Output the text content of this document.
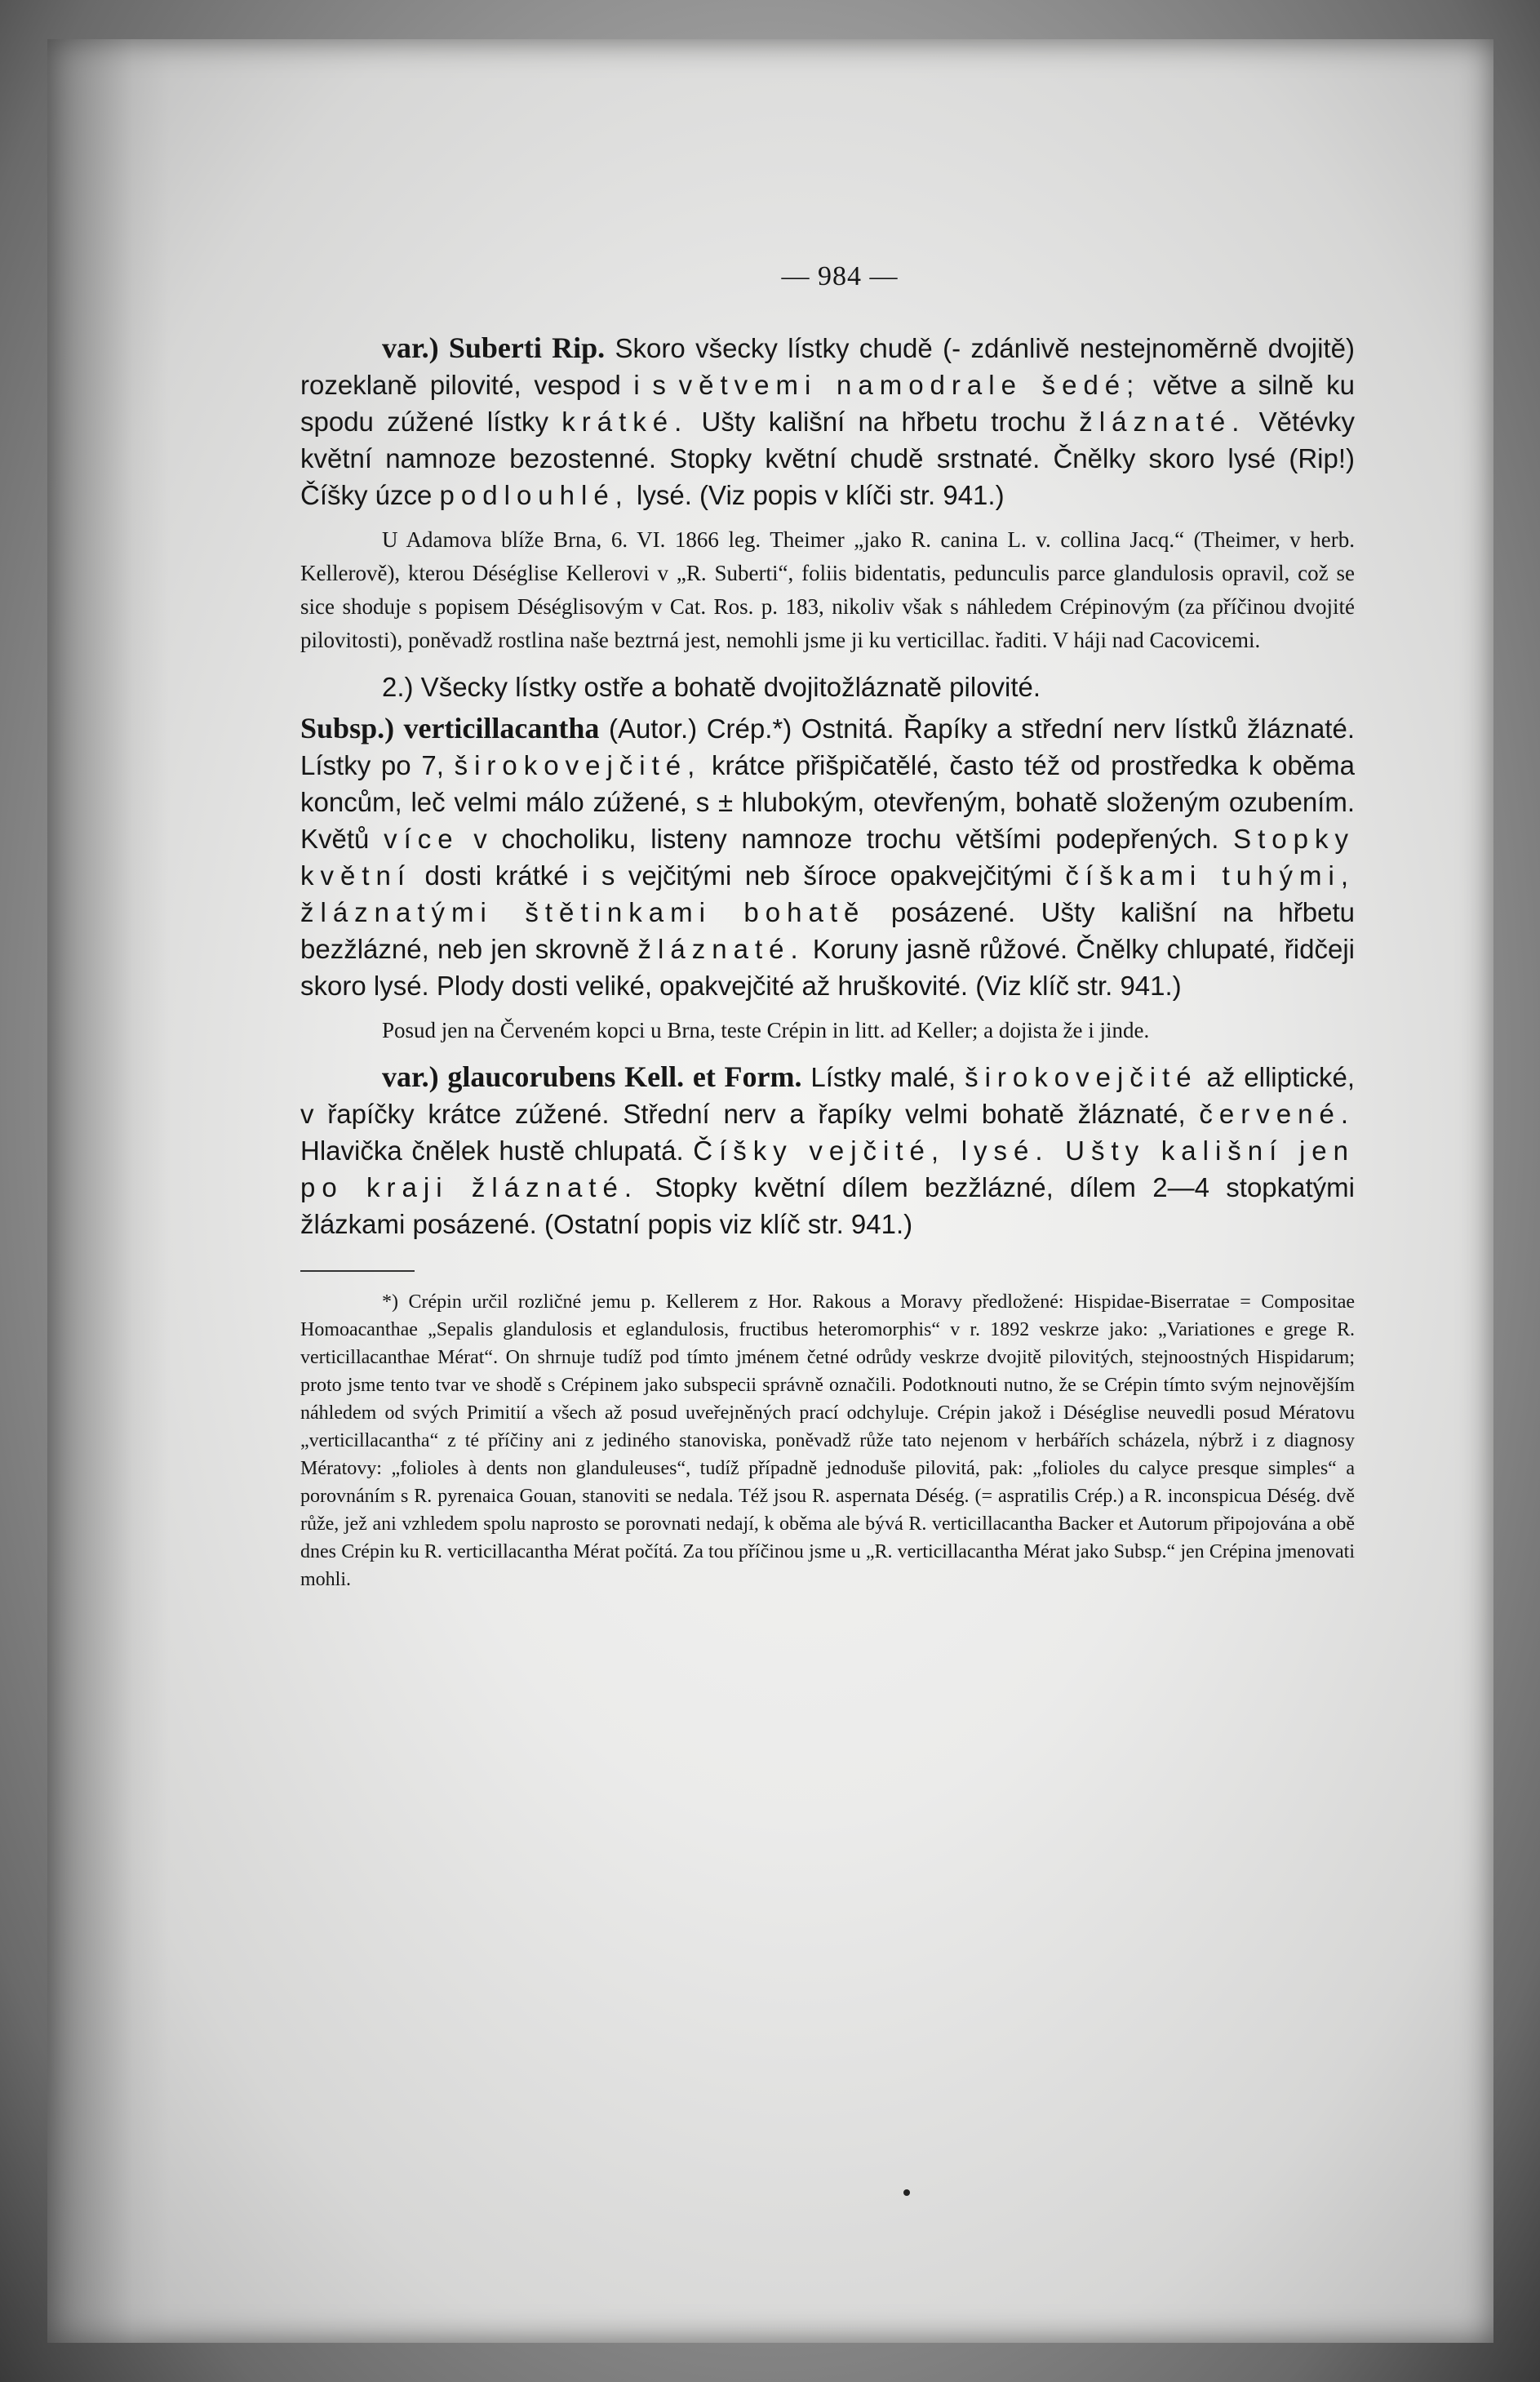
— 984 —

var.) Suberti Rip. Skoro všecky lístky chudě (- zdánlivě nestejnoměrně dvojitě) rozeklaně pilovité, vespod i s větvemi namodrale šedé; větve a silně ku spodu zúžené lístky krátké. Ušty kališní na hřbetu trochu žláznaté. Větévky květní namnoze bezostenné. Stopky květní chudě srstnaté. Čnělky skoro lysé (Rip!) Číšky úzce podlouhlé, lysé. (Viz popis v klíči str. 941.)

U Adamova blíže Brna, 6. VI. 1866 leg. Theimer „jako R. canina L. v. collina Jacq.“ (Theimer, v herb. Kellerově), kterou Déséglise Kellerovi v „R. Suberti“, foliis bidentatis, pedunculis parce glandulosis opravil, což se sice shoduje s popisem Déséglisovým v Cat. Ros. p. 183, nikoliv však s náhledem Crépinovým (za příčinou dvojité pilovitosti), poněvadž rostlina naše beztrná jest, nemohli jsme ji ku verticillac. řaditi. V háji nad Cacovicemi.

2.) Všecky lístky ostře a bohatě dvojitožláznatě pilovité.

Subsp.) verticillacantha (Autor.) Crép.*) Ostnitá. Řapíky a střední nerv lístků žláznaté. Lístky po 7, širokovejčité, krátce přišpičatělé, často též od prostředka k oběma koncům, leč velmi málo zúžené, s ± hlubokým, otevřeným, bohatě složeným ozubením. Květů více v chocholiku, listeny namnoze trochu většími podepřených. Stopky květní dosti krátké i s vejčitými neb šíroce opakvejčitými číškami tuhými, žláznatými štětinkami bohatě posázené. Ušty kališní na hřbetu bezžlázné, neb jen skrovně žláznaté. Koruny jasně růžové. Čnělky chlupaté, řidčeji skoro lysé. Plody dosti veliké, opakvejčité až hruškovité. (Viz klíč str. 941.)

Posud jen na Červeném kopci u Brna, teste Crépin in litt. ad Keller; a dojista že i jinde.

var.) glaucorubens Kell. et Form. Lístky malé, širokovejčité až elliptické, v řapíčky krátce zúžené. Střední nerv a řapíky velmi bohatě žláznaté, červené. Hlavička čnělek hustě chlupatá. Číšky vejčité, lysé. Ušty kališní jen po kraji žláznaté. Stopky květní dílem bezžlázné, dílem 2—4 stopkatými žlázkami posázené. (Ostatní popis viz klíč str. 941.)

*) Crépin určil rozličné jemu p. Kellerem z Hor. Rakous a Moravy předložené: Hispidae-Biserratae = Compositae Homoacanthae „Sepalis glandulosis et eglandulosis, fructibus heteromorphis“ v r. 1892 veskrze jako: „Variationes e grege R. verticillacanthae Mérat“. On shrnuje tudíž pod tímto jménem četné odrůdy veskrze dvojitě pilovitých, stejnoostných Hispidarum; proto jsme tento tvar ve shodě s Crépinem jako subspecii správně označili. Podotknouti nutno, že se Crépin tímto svým nejnovějším náhledem od svých Primitií a všech až posud uveřejněných prací odchyluje. Crépin jakož i Déséglise neuvedli posud Mératovu „verticillacantha“ z té příčiny ani z jediného stanoviska, poněvadž růže tato nejenom v herbářích scházela, nýbrž i z diagnosy Mératovy: „folioles à dents non glanduleuses“, tudíž případně jednoduše pilovitá, pak: „folioles du calyce presque simples“ a porovnáním s R. pyrenaica Gouan, stanoviti se nedala. Též jsou R. aspernata Déség. (= aspratilis Crép.) a R. inconspicua Déség. dvě růže, jež ani vzhledem spolu naprosto se porovnati nedají, k oběma ale bývá R. verticillacantha Backer et Autorum připojována a obě dnes Crépin ku R. verticillacantha Mérat počítá. Za tou příčinou jsme u „R. verticillacantha Mérat jako Subsp.“ jen Crépina jmenovati mohli.
